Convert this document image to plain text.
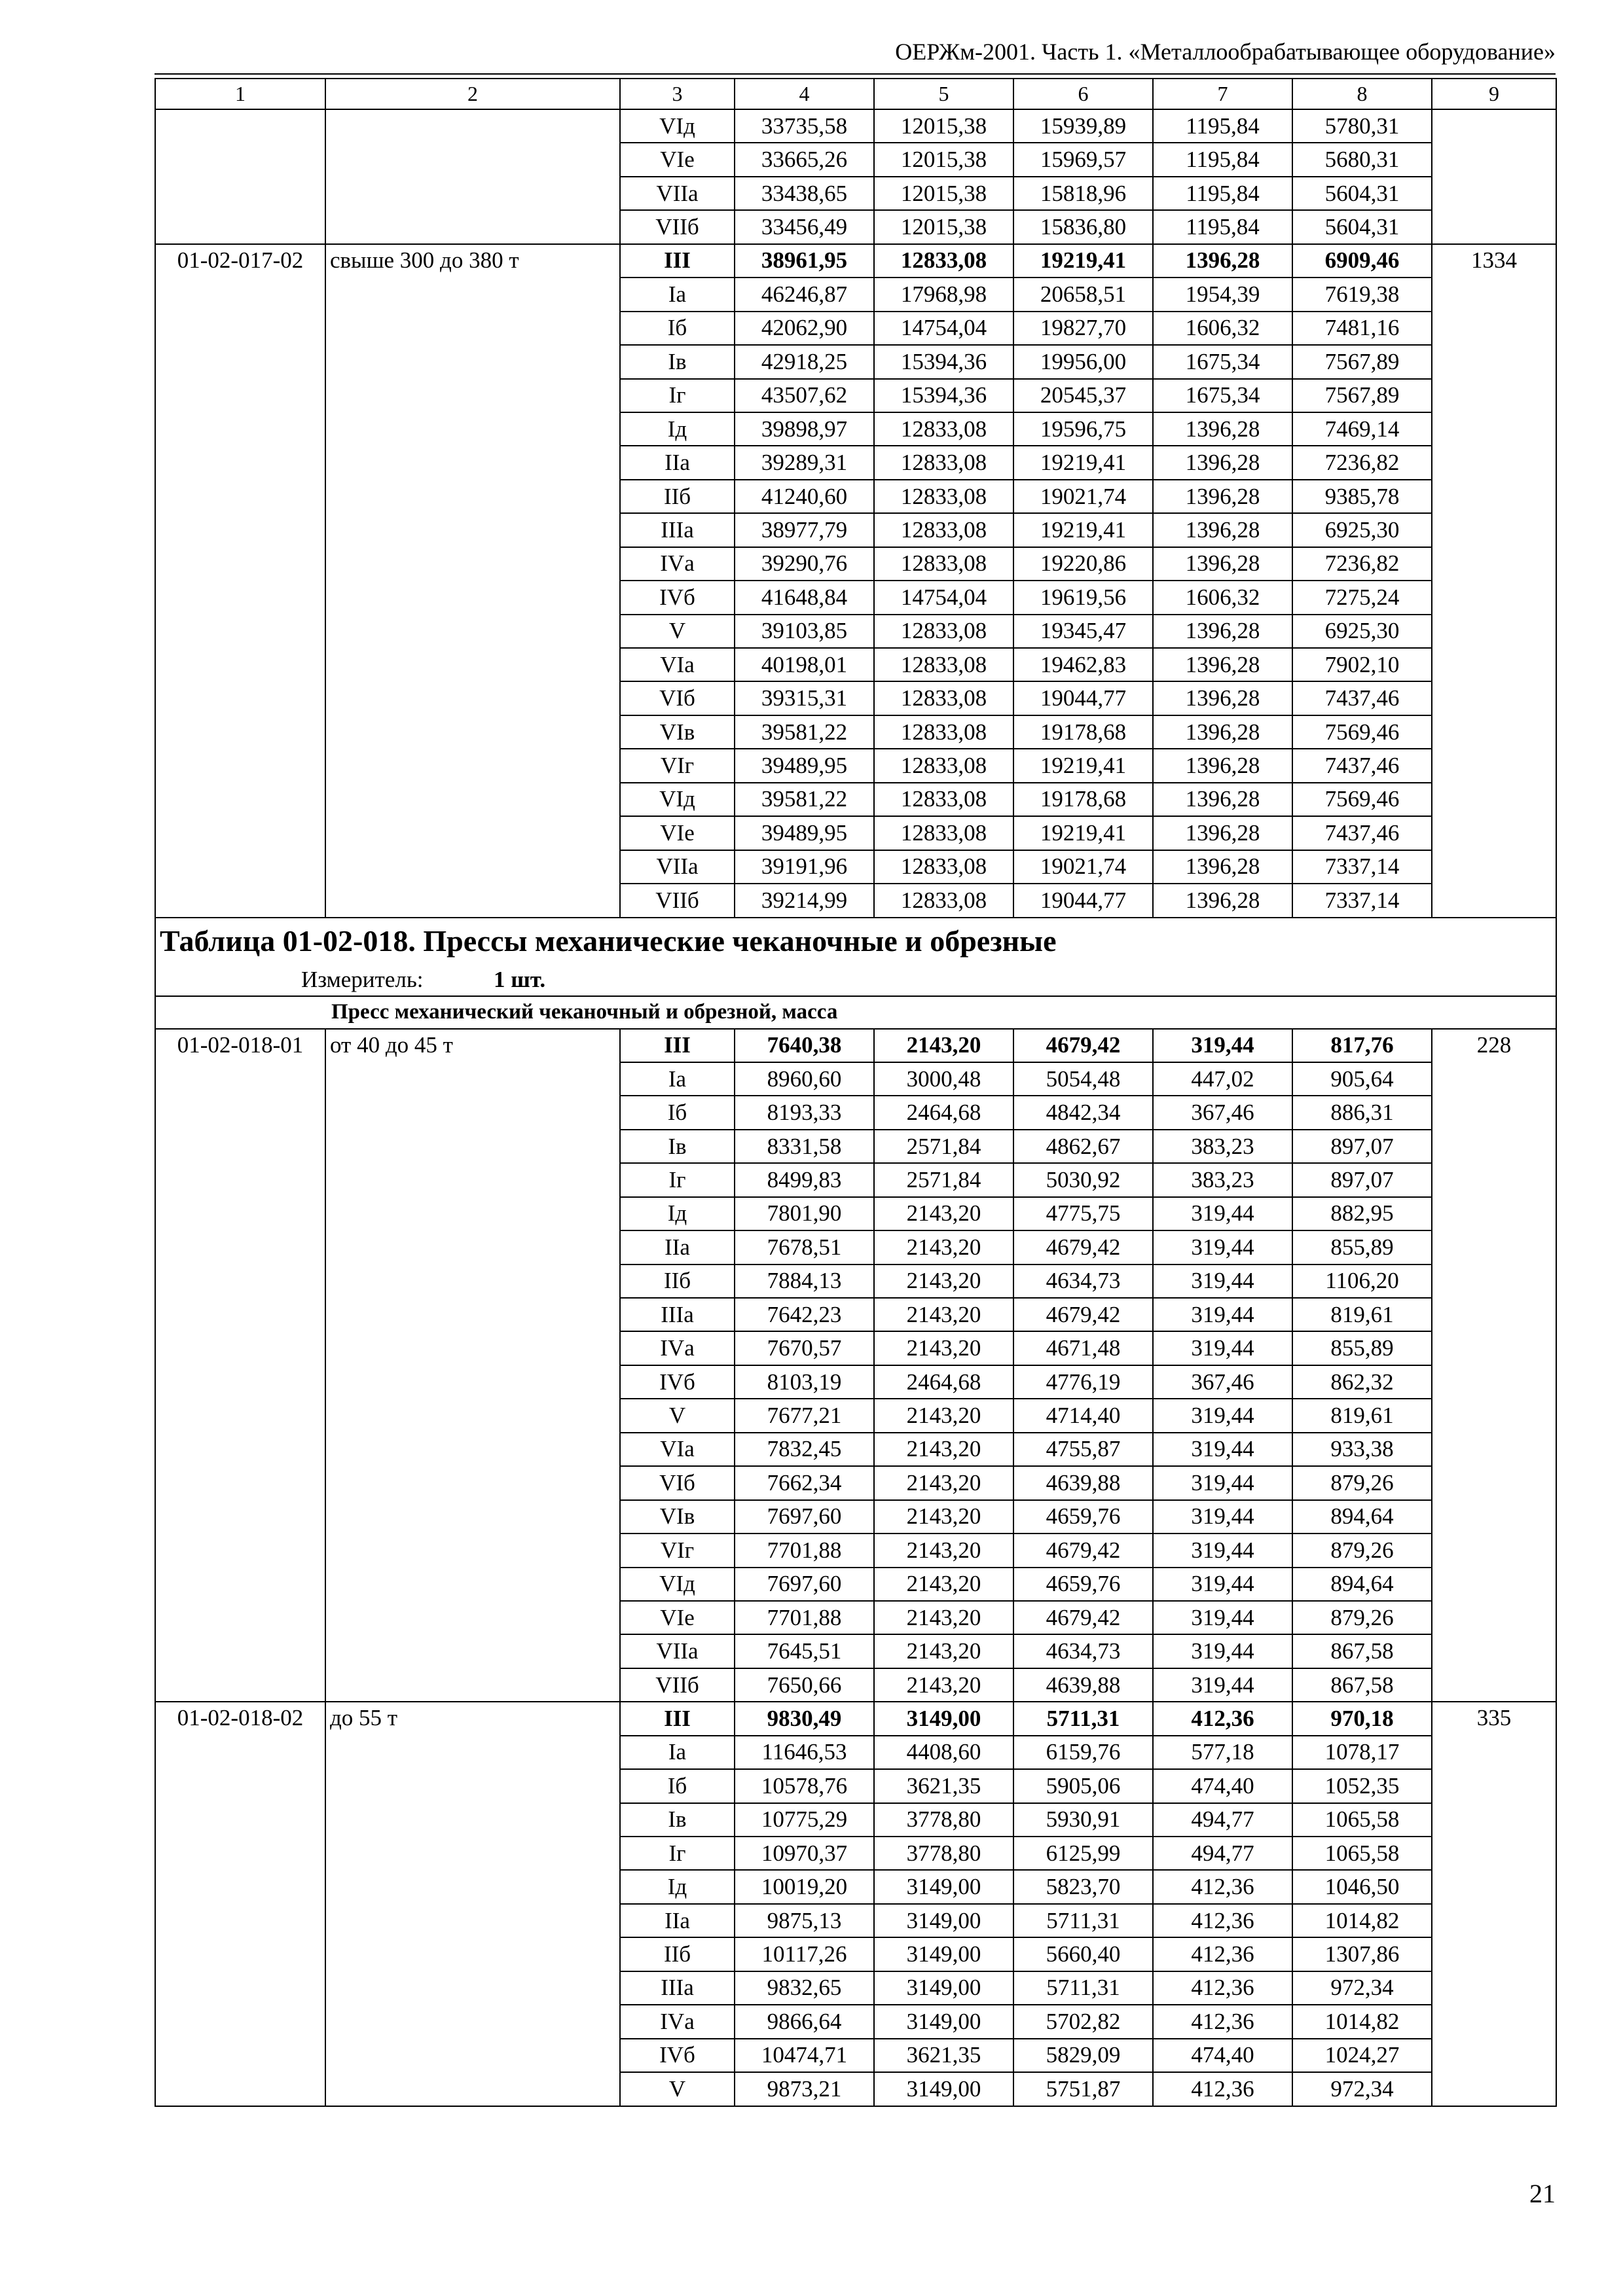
ОЕРЖм-2001. Часть 1. «Металлообрабатывающее оборудование»
1	2	3	4	5	6	7	8	9
		VIд	33735,58	12015,38	15939,89	1195,84	5780,31	
		VIе	33665,26	12015,38	15969,57	1195,84	5680,31	
		VIIа	33438,65	12015,38	15818,96	1195,84	5604,31	
		VIIб	33456,49	12015,38	15836,80	1195,84	5604,31	
01-02-017-02	свыше 300 до 380 т	III	38961,95	12833,08	19219,41	1396,28	6909,46	1334
		Iа	46246,87	17968,98	20658,51	1954,39	7619,38	
		Iб	42062,90	14754,04	19827,70	1606,32	7481,16	
		Iв	42918,25	15394,36	19956,00	1675,34	7567,89	
		Iг	43507,62	15394,36	20545,37	1675,34	7567,89	
		Iд	39898,97	12833,08	19596,75	1396,28	7469,14	
		IIа	39289,31	12833,08	19219,41	1396,28	7236,82	
		IIб	41240,60	12833,08	19021,74	1396,28	9385,78	
		IIIа	38977,79	12833,08	19219,41	1396,28	6925,30	
		IVа	39290,76	12833,08	19220,86	1396,28	7236,82	
		IVб	41648,84	14754,04	19619,56	1606,32	7275,24	
		V	39103,85	12833,08	19345,47	1396,28	6925,30	
		VIа	40198,01	12833,08	19462,83	1396,28	7902,10	
		VIб	39315,31	12833,08	19044,77	1396,28	7437,46	
		VIв	39581,22	12833,08	19178,68	1396,28	7569,46	
		VIг	39489,95	12833,08	19219,41	1396,28	7437,46	
		VIд	39581,22	12833,08	19178,68	1396,28	7569,46	
		VIе	39489,95	12833,08	19219,41	1396,28	7437,46	
		VIIа	39191,96	12833,08	19021,74	1396,28	7337,14	
		VIIб	39214,99	12833,08	19044,77	1396,28	7337,14	
Таблица 01-02-018. Прессы механические чеканочные и обрезные								
Измеритель: 1 шт.								
Пресс механический чеканочный и обрезной, масса								
01-02-018-01	от 40 до 45 т	III	7640,38	2143,20	4679,42	319,44	817,76	228
		Iа	8960,60	3000,48	5054,48	447,02	905,64	
		Iб	8193,33	2464,68	4842,34	367,46	886,31	
		Iв	8331,58	2571,84	4862,67	383,23	897,07	
		Iг	8499,83	2571,84	5030,92	383,23	897,07	
		Iд	7801,90	2143,20	4775,75	319,44	882,95	
		IIа	7678,51	2143,20	4679,42	319,44	855,89	
		IIб	7884,13	2143,20	4634,73	319,44	1106,20	
		IIIа	7642,23	2143,20	4679,42	319,44	819,61	
		IVа	7670,57	2143,20	4671,48	319,44	855,89	
		IVб	8103,19	2464,68	4776,19	367,46	862,32	
		V	7677,21	2143,20	4714,40	319,44	819,61	
		VIа	7832,45	2143,20	4755,87	319,44	933,38	
		VIб	7662,34	2143,20	4639,88	319,44	879,26	
		VIв	7697,60	2143,20	4659,76	319,44	894,64	
		VIг	7701,88	2143,20	4679,42	319,44	879,26	
		VIд	7697,60	2143,20	4659,76	319,44	894,64	
		VIе	7701,88	2143,20	4679,42	319,44	879,26	
		VIIа	7645,51	2143,20	4634,73	319,44	867,58	
		VIIб	7650,66	2143,20	4639,88	319,44	867,58	
01-02-018-02	до 55 т	III	9830,49	3149,00	5711,31	412,36	970,18	335
		Iа	11646,53	4408,60	6159,76	577,18	1078,17	
		Iб	10578,76	3621,35	5905,06	474,40	1052,35	
		Iв	10775,29	3778,80	5930,91	494,77	1065,58	
		Iг	10970,37	3778,80	6125,99	494,77	1065,58	
		Iд	10019,20	3149,00	5823,70	412,36	1046,50	
		IIа	9875,13	3149,00	5711,31	412,36	1014,82	
		IIб	10117,26	3149,00	5660,40	412,36	1307,86	
		IIIа	9832,65	3149,00	5711,31	412,36	972,34	
		IVа	9866,64	3149,00	5702,82	412,36	1014,82	
		IVб	10474,71	3621,35	5829,09	474,40	1024,27	
		V	9873,21	3149,00	5751,87	412,36	972,34	
21
